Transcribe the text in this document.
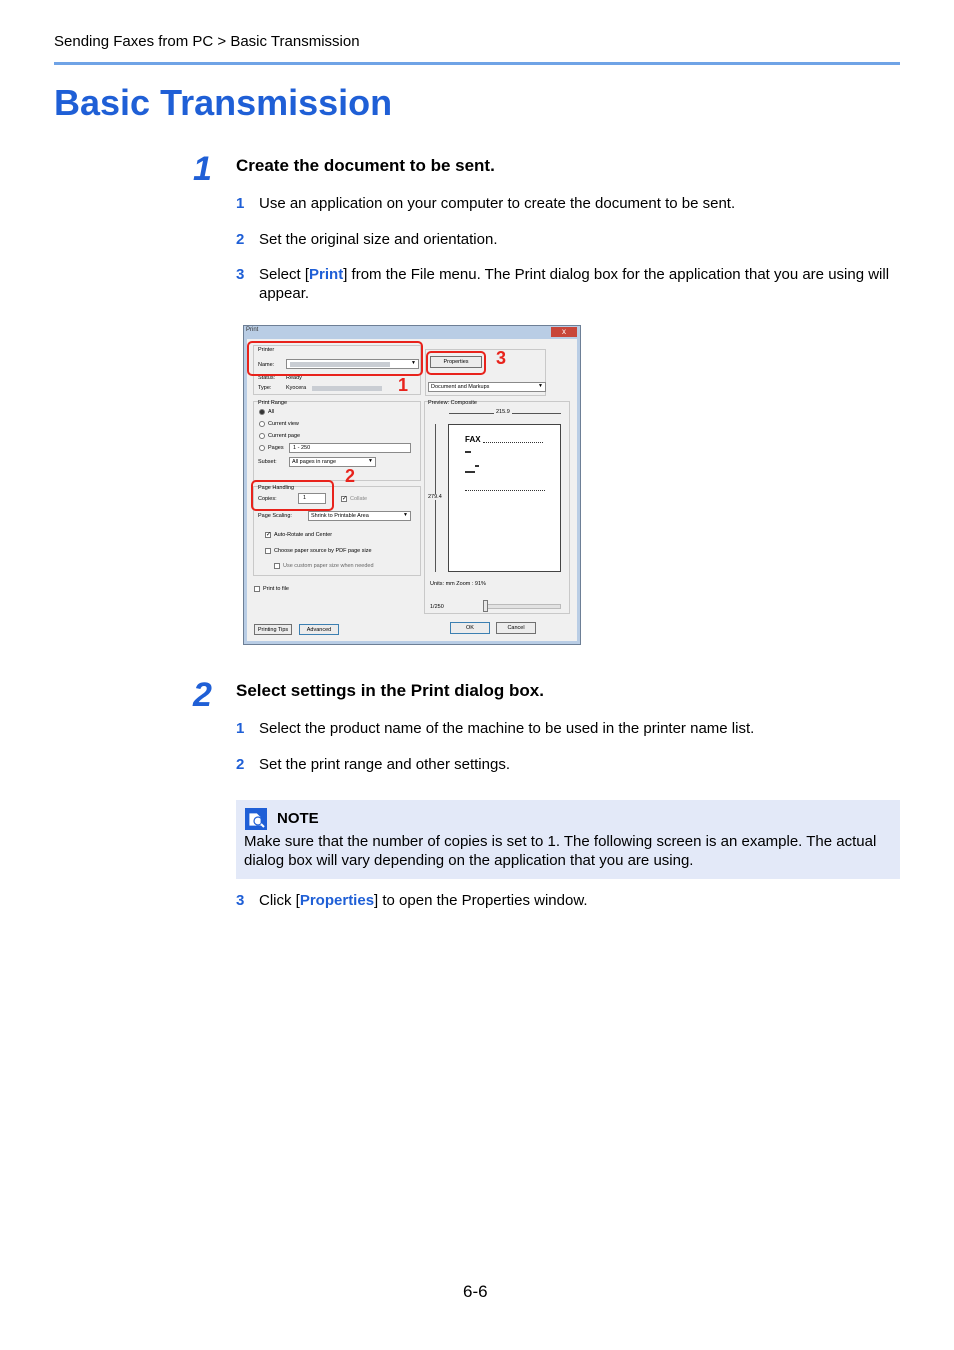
Sending Faxes from PC > Basic Transmission
Basic Transmission
1 Create the document to be sent.
1 Use an application on your computer to create the document to be sent.
2 Set the original size and orientation.
3 Select [Print] from the File menu. The Print dialog box for the application that you are using will appear.
Print	x
Printer
Name:	▼
Status: Ready
Type:	Kyocera	1
Properties	3
Document and Markups	▼
Print Range
All
Current view
Current page
Pages 1 - 250
Subset:	All pages in range	▼
Page Handling
Copies:	1
2
✓ Collate
Page Scaling:	Shrink to Printable Area	▼
✓ Auto-Rotate and Center
Choose paper source by PDF page size
Use custom paper size when needed
Print to file
Preview: Composite
215.9
279.4
FAX
Units: mm Zoom : 91%
1/250
Printing Tips	Advanced	OK	Cancel
2 Select settings in the Print dialog box.
1 Select the product name of the machine to be used in the printer name list.
2 Set the print range and other settings.
NOTE
Make sure that the number of copies is set to 1. The following screen is an example. The actual dialog box will vary depending on the application that you are using.
3 Click [Properties] to open the Properties window.
6-6
